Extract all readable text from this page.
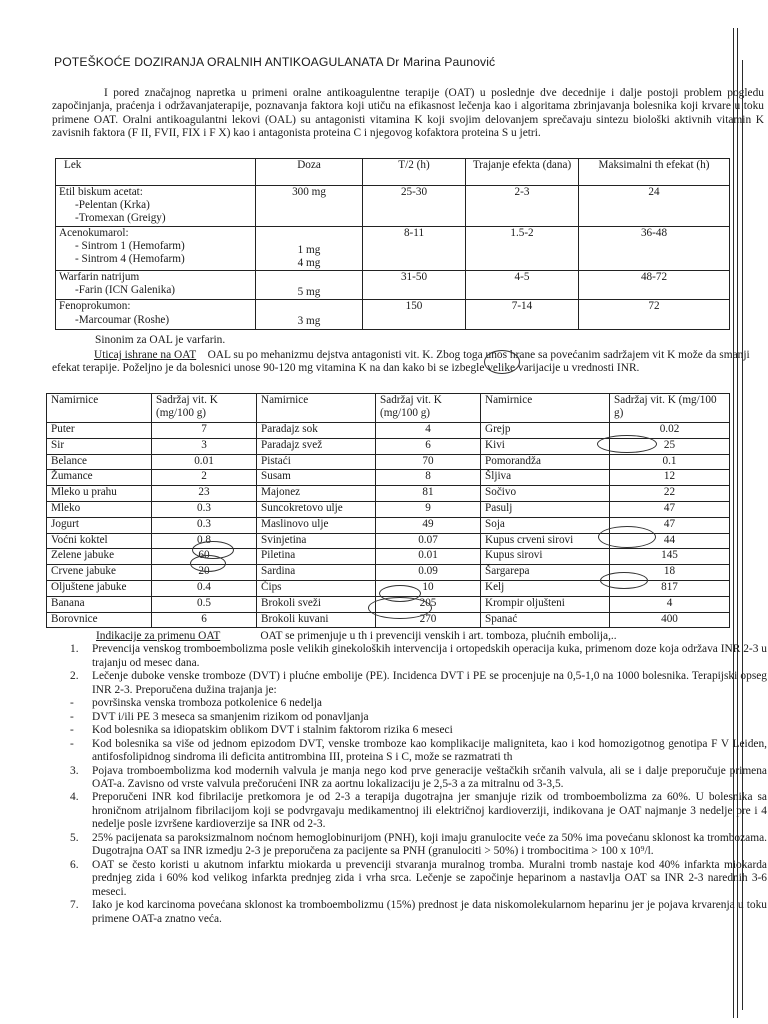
POTEŠKOĆE DOZIRANJA ORALNIH ANTIKOAGULANATA Dr Marina Paunović

I pored značajnog napretka u primeni oralne antikoagulentne terapije (OAT) u poslednje dve decednije i dalje postoji problem pogledu započinjanja, praćenja i održavanjaterapije, poznavanja faktora koji utiču na efikasnost lečenja kao i algoritama zbrinjavanja bolesnika koji krvare u toku primene OAT. Oralni antikoagulantni lekovi (OAL) su antagonisti vitamina K koji svojim delovanjem sprečavaju sintezu biološki aktivnih vitamin K zavisnih faktora (F II, FVII, FIX i F X) kao i antagonista proteina C i njegovog kofaktora proteina S u jetri.

Lek	Doza	T/2 (h)	Trajanje efekta (dana)	Maksimalni th efekat (h)

Etil biskum acetat:
-Pelentan (Krka)
-Tromexan (Greigy)	300 mg	25-30	2-3	24

Acenokumarol:
- Sintrom 1 (Hemofarm)
- Sintrom 4 (Hemofarm)	1 mg
4 mg	8-11	1.5-2	36-48

Warfarin natrijum
-Farin (ICN Galenika)	5 mg	31-50	4-5	48-72

Fenoprokumon:
-Marcoumar (Roshe)	3 mg	150	7-14	72
Sinonim za OAL je varfarin.
Uticaj ishrane na OAT OAL su po mehanizmu dejstva antagonisti vit. K. Zbog toga unos hrane sa povećanim sadržajem vit K može da smanji efekat terapije. Poželjno je da bolesnici unose 90-120 mg vitamina K na dan kako bi se izbegle velike varijacije u vrednosti INR.
Namirnice	Sadržaj vit. K (mg/100 g)	Namirnice	Sadržaj vit. K (mg/100 g)	Namirnice	Sadržaj vit. K (mg/100 g)
Puter	7	Paradajz sok	4	Grejp	0.02
Sir	3	Paradajz svež	6	Kivi	25
Belance	0.01	Pistaći	70	Pomorandža	0.1
Žumance	2	Susam	8	Šljiva	12
Mleko u prahu	23	Majonez	81	Sočivo	22
Mleko	0.3	Suncokretovo ulje	9	Pasulj	47
Jogurt	0.3	Maslinovo ulje	49	Soja	47
Voćni koktel	0.8	Svinjetina	0.07	Kupus crveni sirovi	44
Zelene jabuke	60	Piletina	0.01	Kupus sirovi	145
Crvene jabuke	20	Sardina	0.09	Šargarepa	18
Oljuštene jabuke	0.4	Čips	10	Kelj	817
Banana	0.5	Brokoli sveži	205	Krompir oljušteni	4
Borovnice	6	Brokoli kuvani	270	Spanać	400
Indikacije za primenu OAT	OAT se primenjuje u th i prevenciji venskih i art. tomboza, plućnih embolija,..

1. Prevencija venskog tromboembolizma posle velikih ginekoloških intervencija i ortopedskih operacija kuka, primenom doze koja održava INR 2-3 u trajanju od mesec dana.

2. Lečenje duboke venske tromboze (DVT) i plućne embolije (PE). Incidenca DVT i PE se procenjuje na 0,5-1,0 na 1000 bolesnika. Terapijski opseg INR 2-3. Preporučena dužina trajanja je:

- površinska venska tromboza potkolenice 6 nedelja

- DVT i/ili PE 3 meseca sa smanjenim rizikom od ponavljanja

- Kod bolesnika sa idiopatskim oblikom DVT i stalnim faktorom rizika 6 meseci

- Kod bolesnika sa više od jednom epizodom DVT, venske tromboze kao komplikacije maligniteta, kao i kod homozigotnog genotipa F V Leiden, antifosfolipidnog sindroma ili deficita antitrombina III, proteina S i C, može se razmatrati th

3. Pojava tromboembolizma kod modernih valvula je manja nego kod prve generacije veštačkih srčanih valvula, ali se i dalje preporučuje primena OAT-a. Zavisno od vrste valvula prečorućeni INR za aortnu lokalizaciju je 2,5-3 a za mitralnu od 3-3,5.

4. Preporučeni INR kod fibrilacije pretkomora je od 2-3 a terapija dugotrajna jer smanjuje rizik od tromboembolizma za 60%. U bolesnika sa hroničnom atrijalnom fibrilacijom koji se podvrgavaju medikamentnoj ili električnoj kardioverziji, indikovana je OAT najmanje 3 nedelje pre i 4 nedelje posle izvršene kardioverzije sa INR od 2-3.

5. 25% pacijenata sa paroksizmalnom noćnom hemoglobinurijom (PNH), koji imaju granulocite veće za 50% ima povećanu sklonost ka trombozama. Dugotrajna OAT sa INR izmedju 2-3 je preporučena za pacijente sa PNH (granulociti > 50%) i trombocitima > 100 x 10⁹/l.

6. OAT se često koristi u akutnom infarktu miokarda u prevenciji stvaranja muralnog tromba. Muralni tromb nastaje kod 40% infarkta miokarda prednjeg zida i 60% kod velikog infarkta prednjeg zida i vrha srca. Lečenje se započinje heparinom a nastavlja OAT sa INR 2-3 narednih 3-6 meseci.

7. Iako je kod karcinoma povećana sklonost ka tromboembolizmu (15%) prednost je data niskomolekularnom heparinu jer je pojava krvarenja u toku primene OAT-a znatno veća.
